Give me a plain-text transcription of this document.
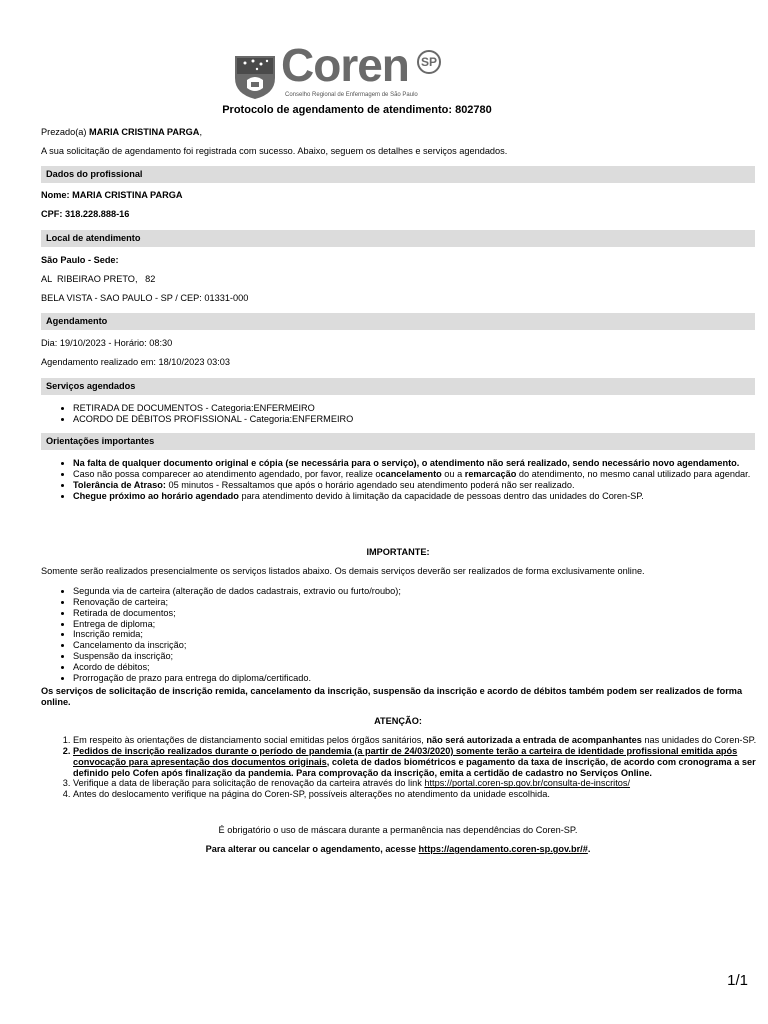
Coren	SP
Conselho Regional de Enfermagem de São Paulo
Protocolo de agendamento de atendimento: 802780
Prezado(a) MARIA CRISTINA PARGA,
A sua solicitação de agendamento foi registrada com sucesso. Abaixo, seguem os detalhes e serviços agendados.
Dados do profissional
Nome: MARIA CRISTINA PARGA
CPF: 318.228.888-16
Local de atendimento
São Paulo - Sede:
AL  RIBEIRAO PRETO,   82
BELA VISTA - SAO PAULO - SP / CEP: 01331-000
Agendamento
Dia: 19/10/2023 - Horário: 08:30
Agendamento realizado em: 18/10/2023 03:03
Serviços agendados
• RETIRADA DE DOCUMENTOS - Categoria:ENFERMEIRO
• ACORDO DE DÉBITOS PROFISSIONAL - Categoria:ENFERMEIRO
Orientações importantes
• Na falta de qualquer documento original e cópia (se necessária para o serviço), o atendimento não será realizado, sendo necessário novo agendamento.
• Caso não possa comparecer ao atendimento agendado, por favor, realize ocancelamento ou a remarcação do atendimento, no mesmo canal utilizado para agendar.
• Tolerância de Atraso: 05 minutos - Ressaltamos que após o horário agendado seu atendimento poderá não ser realizado.
• Chegue próximo ao horário agendado para atendimento devido à limitação da capacidade de pessoas dentro das unidades do Coren-SP.
IMPORTANTE:
Somente serão realizados presencialmente os serviços listados abaixo. Os demais serviços deverão ser realizados de forma exclusivamente online.
• Segunda via de carteira (alteração de dados cadastrais, extravio ou furto/roubo);
• Renovação de carteira;
• Retirada de documentos;
• Entrega de diploma;
• Inscrição remida;
• Cancelamento da inscrição;
• Suspensão da inscrição;
• Acordo de débitos;
• Prorrogação de prazo para entrega do diploma/certificado.
Os serviços de solicitação de inscrição remida, cancelamento da inscrição, suspensão da inscrição e acordo de débitos também podem ser realizados de forma online.
ATENÇÃO:
1. Em respeito às orientações de distanciamento social emitidas pelos órgãos sanitários, não será autorizada a entrada de acompanhantes nas unidades do Coren-SP.
2. Pedidos de inscrição realizados durante o período de pandemia (a partir de 24/03/2020) somente terão a carteira de identidade profissional emitida após convocação para apresentação dos documentos originais, coleta de dados biométricos e pagamento da taxa de inscrição, de acordo com cronograma a ser definido pelo Cofen após finalização da pandemia. Para comprovação da inscrição, emita a certidão de cadastro no Serviços Online.
3. Verifique a data de liberação para solicitação de renovação da carteira através do link https://portal.coren-sp.gov.br/consulta-de-inscritos/
4. Antes do deslocamento verifique na página do Coren-SP, possíveis alterações no atendimento da unidade escolhida.
É obrigatório o uso de máscara durante a permanência nas dependências do Coren-SP.
Para alterar ou cancelar o agendamento, acesse https://agendamento.coren-sp.gov.br/#.
1/1
